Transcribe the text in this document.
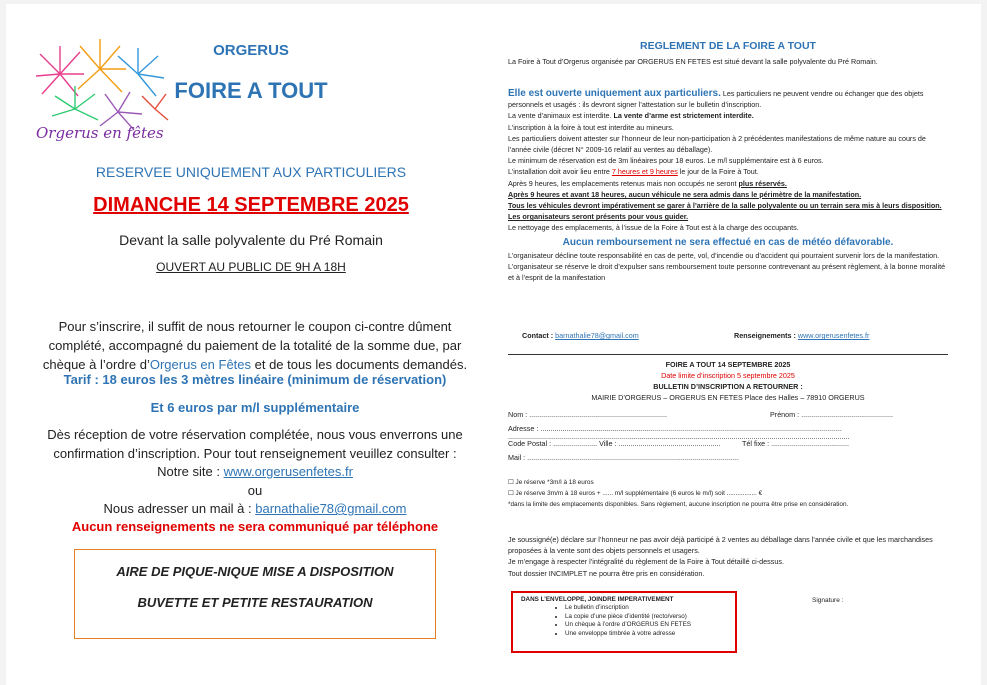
Orgerus en fêtes
ORGERUS
FOIRE A TOUT
RESERVEE UNIQUEMENT AUX PARTICULIERS
DIMANCHE 14 SEPTEMBRE 2025
Devant la salle polyvalente du Pré Romain
OUVERT AU PUBLIC DE 9H A 18H
Pour s’inscrire, il suffit de nous retourner le coupon ci-contre dûment complété, accompagné du paiement de la totalité de la somme due, par chèque à l’ordre d’Orgerus en Fêtes et de tous les documents demandés.
Tarif : 18 euros les 3 mètres linéaire (minimum de réservation)
Et 6 euros par m/l supplémentaire
Dès réception de votre réservation complétée, nous vous enverrons une confirmation d’inscription. Pour tout renseignement veuillez consulter :
Notre site : www.orgerusenfetes.fr
ou
Nous adresser un mail à : barnathalie78@gmail.com
Aucun renseignements ne sera communiqué par téléphone
AIRE DE PIQUE-NIQUE MISE A DISPOSITION
BUVETTE ET PETITE RESTAURATION
REGLEMENT DE LA FOIRE A TOUT
La Foire à Tout d’Orgerus organisée par ORGERUS EN FETES est situé devant la salle polyvalente du Pré Romain.
Elle est ouverte uniquement aux particuliers. Les particuliers ne peuvent vendre ou échanger que des objets personnels et usagés : ils devront signer l’attestation sur le bulletin d’inscription.
La vente d’animaux est interdite. La vente d’arme est strictement interdite.
L’inscription à la foire à tout est interdite au mineurs.
Les particuliers doivent attester sur l’honneur de leur non-participation à 2 précédentes manifestations de même nature au cours de l’année civile (décret N° 2009-16 relatif au ventes au déballage).
Le minimum de réservation est de 3m linéaires pour 18 euros. Le m/l supplémentaire est à 6 euros.
L’installation doit avoir lieu entre 7 heures et 9 heures le jour de la Foire à Tout.
Après 9 heures, les emplacements retenus mais non occupés ne seront plus réservés.
Après 9 heures et avant 18 heures, aucun véhicule ne sera admis dans le périmètre de la manifestation.
Tous les véhicules devront impérativement se garer à l’arrière de la salle polyvalente ou un terrain sera mis à leurs disposition. Les organisateurs seront présents pour vous guider.
Le nettoyage des emplacements, à l’issue de la Foire à Tout est à la charge des occupants.
Aucun remboursement ne sera effectué en cas de météo défavorable.
L’organisateur décline toute responsabilité en cas de perte, vol, d’incendie ou d’accident qui pourraient survenir lors de la manifestation. L’organisateur se réserve le droit d’expulser sans remboursement toute personne contrevenant au présent règlement, à la bonne moralité et à l’esprit de la manifestation
Contact : barnathalie78@gmail.com	Renseignements : www.orgerusenfetes.fr
FOIRE A TOUT 14 SEPTEMBRE 2025
Date limite d’inscription 5 septembre 2025
BULLETIN D’INSCRIPTION A RETOURNER :
MAIRIE D’ORGERUS – ORGERUS EN FETES Place des Halles – 78910 ORGERUS
Nom : .....................................................................	Prénom : ..............................................
Adresse : .......................................................................................................................................................
...........................................................................................................................................................................
Code Postal : ...................... Ville : ...................................................	Tél fixe : .......................................
Mail : ..........................................................................................................
☐ Je réserve *3m/l à 18 euros
☐ Je réserve 3m/m à 18 euros + ...... m/l supplémentaire (6 euros le m/l) soit ................. €
*dans la limite des emplacements disponibles. Sans règlement, aucune inscription ne pourra être prise en considération.
Je soussigné(e) déclare sur l’honneur ne pas avoir déjà participé à 2 ventes au déballage dans l’année civile et que les marchandises proposées à la vente sont des objets personnels et usagers.
Je m’engage à respecter l’intégralité du règlement de la Foire à Tout détaillé ci-dessus.
Tout dossier INCIMPLET ne pourra être pris en considération.
DANS L’ENVELOPPE, JOINDRE IMPERATIVEMENT
• Le bulletin d’inscription
• La copie d’une pièce d’identité (recto/verso)
• Un chèque à l’ordre d’ORGERUS EN FETES
• Une enveloppe timbrée à votre adresse
Signature :
